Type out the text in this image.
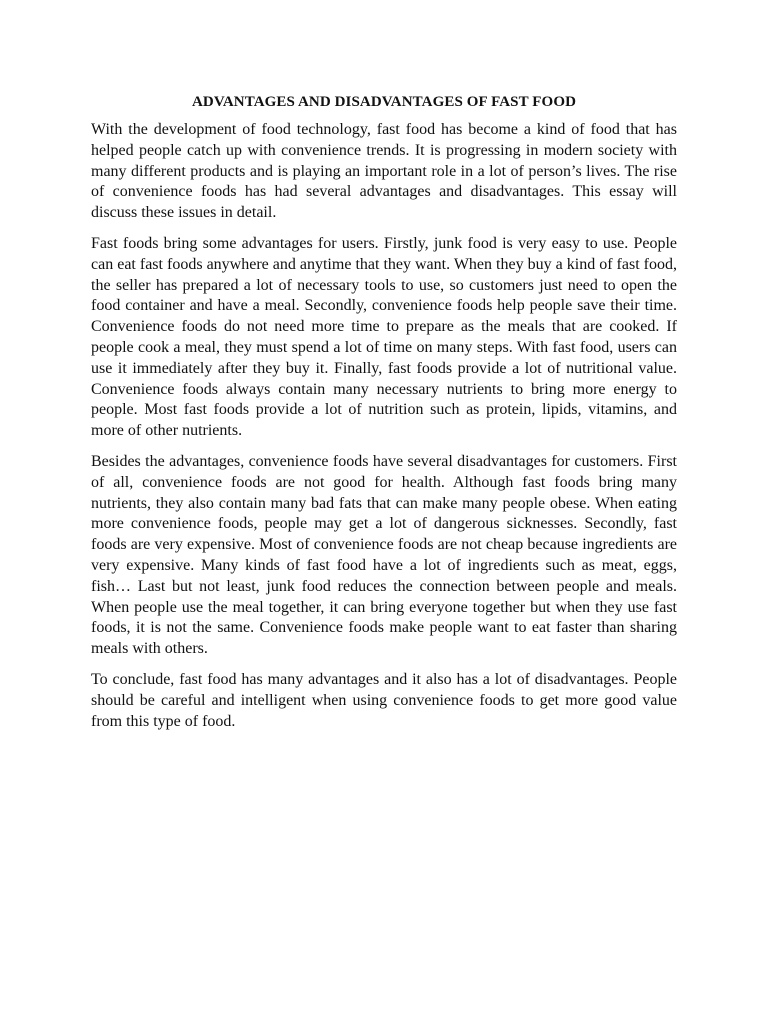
ADVANTAGES AND DISADVANTAGES OF FAST FOOD

With the development of food technology, fast food has become a kind of food that has helped people catch up with convenience trends. It is progressing in modern society with many different products and is playing an important role in a lot of person’s lives. The rise of convenience foods has had several advantages and disadvantages. This essay will discuss these issues in detail.

Fast foods bring some advantages for users. Firstly, junk food is very easy to use. People can eat fast foods anywhere and anytime that they want. When they buy a kind of fast food, the seller has prepared a lot of necessary tools to use, so customers just need to open the food container and have a meal. Secondly, convenience foods help people save their time. Convenience foods do not need more time to prepare as the meals that are cooked. If people cook a meal, they must spend a lot of time on many steps. With fast food, users can use it immediately after they buy it. Finally, fast foods provide a lot of nutritional value. Convenience foods always contain many necessary nutrients to bring more energy to people. Most fast foods provide a lot of nutrition such as protein, lipids, vitamins, and more of other nutrients.

Besides the advantages, convenience foods have several disadvantages for customers. First of all, convenience foods are not good for health. Although fast foods bring many nutrients, they also contain many bad fats that can make many people obese. When eating more convenience foods, people may get a lot of dangerous sicknesses. Secondly, fast foods are very expensive. Most of convenience foods are not cheap because ingredients are very expensive. Many kinds of fast food have a lot of ingredients such as meat, eggs, fish… Last but not least, junk food reduces the connection between people and meals. When people use the meal together, it can bring everyone together but when they use fast foods, it is not the same. Convenience foods make people want to eat faster than sharing meals with others.

To conclude, fast food has many advantages and it also has a lot of disadvantages. People should be careful and intelligent when using convenience foods to get more good value from this type of food.
